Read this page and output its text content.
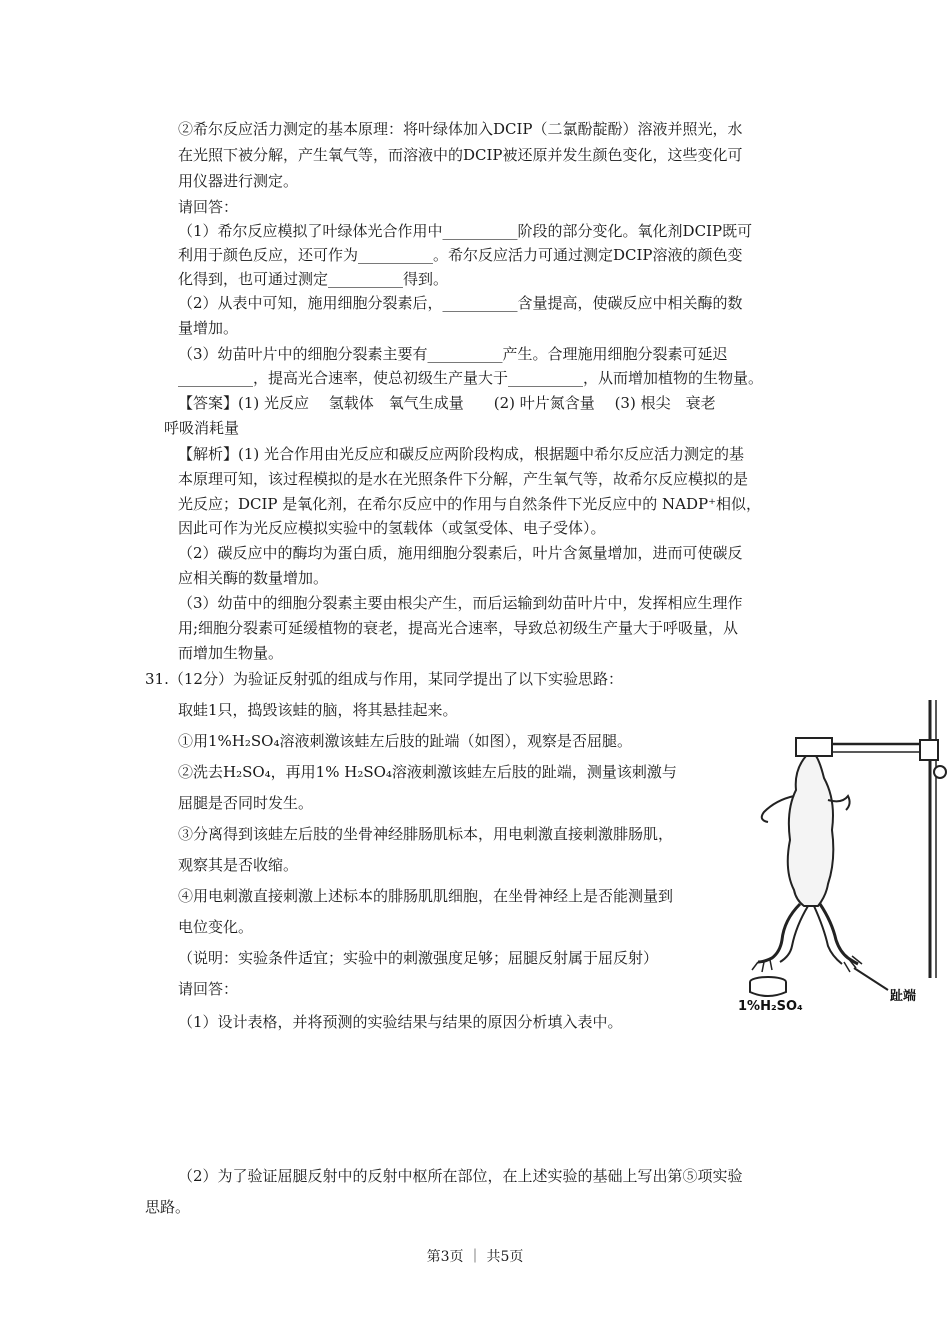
②希尔反应活力测定的基本原理：将叶绿体加入DCIP（二氯酚靛酚）溶液并照光，水
在光照下被分解，产生氧气等，而溶液中的DCIP被还原并发生颜色变化，这些变化可
用仪器进行测定。
请回答：
（1）希尔反应模拟了叶绿体光合作用中__________阶段的部分变化。氧化剂DCIP既可
利用于颜色反应，还可作为__________。希尔反应活力可通过测定DCIP溶液的颜色变
化得到，也可通过测定__________得到。
（2）从表中可知，施用细胞分裂素后，__________含量提高，使碳反应中相关酶的数
量增加。
（3）幼苗叶片中的细胞分裂素主要有__________产生。合理施用细胞分裂素可延迟
__________，提高光合速率，使总初级生产量大于__________，从而增加植物的生物量。
【答案】(1) 光反应　 氢载体　氧气生成量　　(2) 叶片氮含量　 (3) 根尖　衰老
呼吸消耗量
【解析】(1) 光合作用由光反应和碳反应两阶段构成，根据题中希尔反应活力测定的基
本原理可知，该过程模拟的是水在光照条件下分解，产生氧气等，故希尔反应模拟的是
光反应；DCIP 是氧化剂，在希尔反应中的作用与自然条件下光反应中的 NADP⁺相似，
因此可作为光反应模拟实验中的氢载体（或氢受体、电子受体）。
（2）碳反应中的酶均为蛋白质，施用细胞分裂素后，叶片含氮量增加，进而可使碳反
应相关酶的数量增加。
（3）幼苗中的细胞分裂素主要由根尖产生，而后运输到幼苗叶片中，发挥相应生理作
用;细胞分裂素可延缓植物的衰老，提高光合速率，导致总初级生产量大于呼吸量，从
而增加生物量。
31.（12分）为验证反射弧的组成与作用，某同学提出了以下实验思路：
取蛙1只，捣毁该蛙的脑，将其悬挂起来。
①用1%H₂SO₄溶液刺激该蛙左后肢的趾端（如图），观察是否屈腿。
②洗去H₂SO₄，再用1% H₂SO₄溶液刺激该蛙左后肢的趾端，测量该刺激与
屈腿是否同时发生。
③分离得到该蛙左后肢的坐骨神经腓肠肌标本，用电刺激直接刺激腓肠肌，
观察其是否收缩。
④用电刺激直接刺激上述标本的腓肠肌肌细胞，在坐骨神经上是否能测量到
电位变化。
（说明：实验条件适宜；实验中的刺激强度足够；屈腿反射属于屈反射）
请回答：
（1）设计表格，并将预测的实验结果与结果的原因分析填入表中。
（2）为了验证屈腿反射中的反射中枢所在部位，在上述实验的基础上写出第⑤项实验
思路。
1%H₂SO₄
趾端
第3页 ｜ 共5页
